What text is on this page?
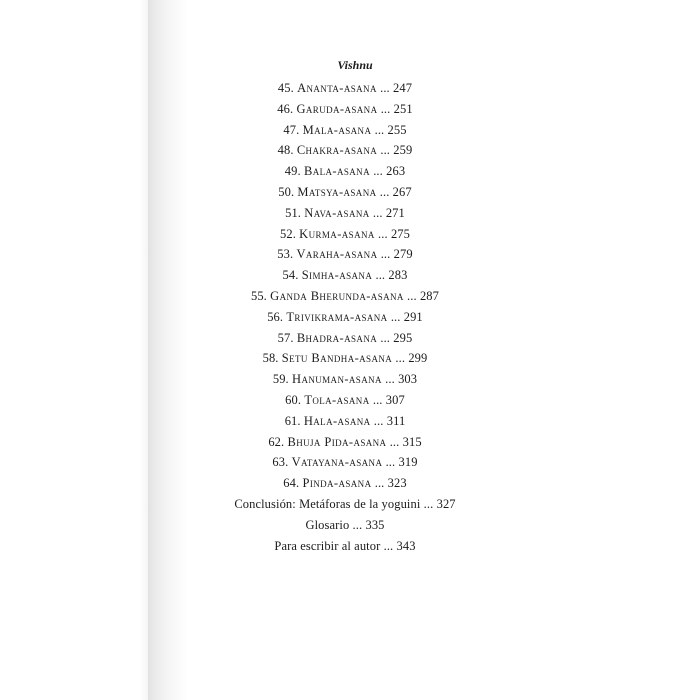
Vishnu
45. Ananta-asana ... 247
46. Garuda-asana ... 251
47. Mala-asana ... 255
48. Chakra-asana ... 259
49. Bala-asana ... 263
50. Matsya-asana ... 267
51. Nava-asana ... 271
52. Kurma-asana ... 275
53. Varaha-asana ... 279
54. Simha-asana ... 283
55. Ganda Bherunda-asana ... 287
56. Trivikrama-asana ... 291
57. Bhadra-asana ... 295
58. Setu Bandha-asana ... 299
59. Hanuman-asana ... 303
60. Tola-asana ... 307
61. Hala-asana ... 311
62. Bhuja Pida-asana ... 315
63. Vatayana-asana ... 319
64. Pinda-asana ... 323
Conclusión: Metáforas de la yoguini ... 327
Glosario ... 335
Para escribir al autor ... 343
